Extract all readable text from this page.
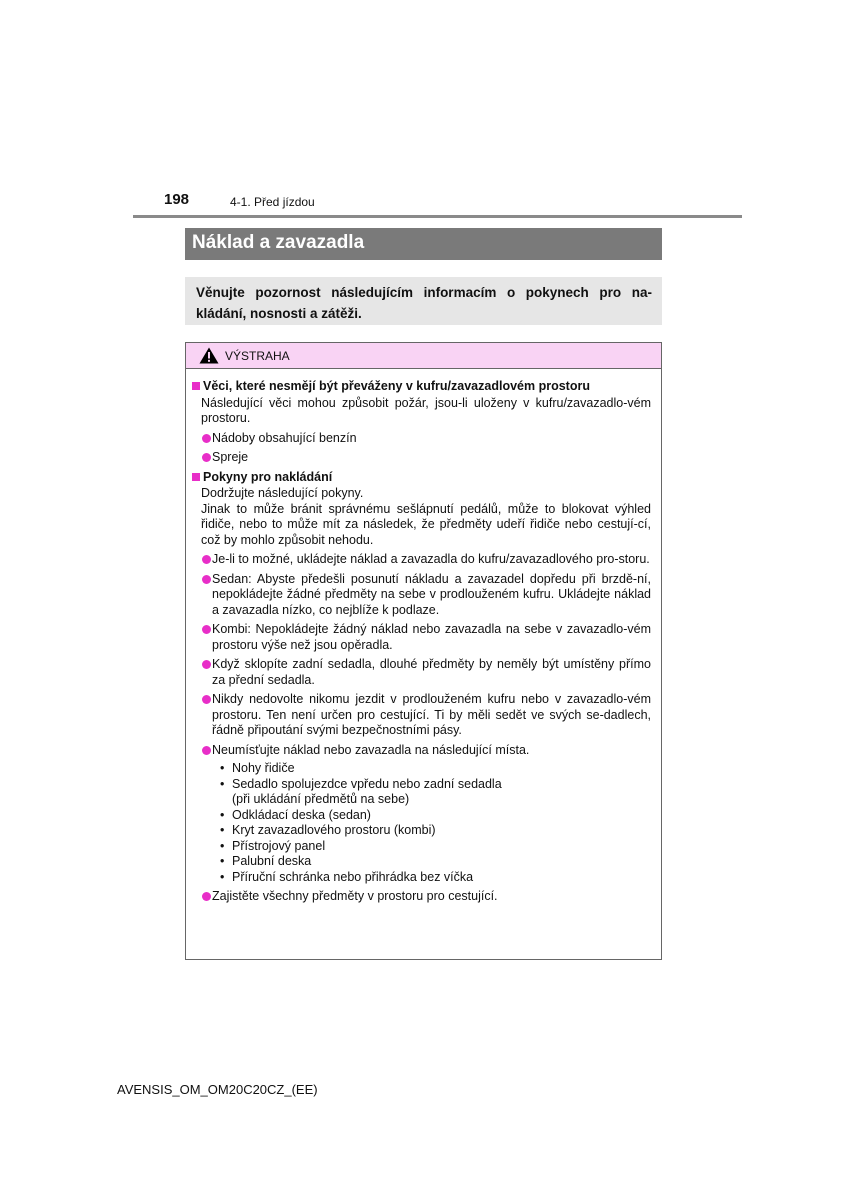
198	4-1. Před jízdou
Náklad a zavazadla
Věnujte pozornost následujícím informacím o pokynech pro na-kládání, nosnosti a zátěži.
VÝSTRAHA
Věci, které nesmějí být převáženy v kufru/zavazadlovém prostoru
Následující věci mohou způsobit požár, jsou-li uloženy v kufru/zavazadlo-vém prostoru.
Nádoby obsahující benzín
Spreje
Pokyny pro nakládání
Dodržujte následující pokyny.
Jinak to může bránit správnému sešlápnutí pedálů, může to blokovat výhled řidiče, nebo to může mít za následek, že předměty udeří řidiče nebo cestují-cí, což by mohlo způsobit nehodu.
Je-li to možné, ukládejte náklad a zavazadla do kufru/zavazadlového pro-storu.
Sedan: Abyste předešli posunutí nákladu a zavazadel dopředu při brzdě-ní, nepokládejte žádné předměty na sebe v prodlouženém kufru. Ukládejte náklad a zavazadla nízko, co nejblíže k podlaze.
Kombi: Nepokládejte žádný náklad nebo zavazadla na sebe v zavazadlo-vém prostoru výše než jsou opěradla.
Když sklopíte zadní sedadla, dlouhé předměty by neměly být umístěny přímo za přední sedadla.
Nikdy nedovolte nikomu jezdit v prodlouženém kufru nebo v zavazadlo-vém prostoru. Ten není určen pro cestující. Ti by měli sedět ve svých se-dadlech, řádně připoutání svými bezpečnostními pásy.
Neumísťujte náklad nebo zavazadla na následující místa.
• Nohy řidiče
• Sedadlo spolujezdce vpředu nebo zadní sedadla
(při ukládání předmětů na sebe)
• Odkládací deska (sedan)
• Kryt zavazadlového prostoru (kombi)
• Přístrojový panel
• Palubní deska
• Příruční schránka nebo přihrádka bez víčka
Zajistěte všechny předměty v prostoru pro cestující.
AVENSIS_OM_OM20C20CZ_(EE)
